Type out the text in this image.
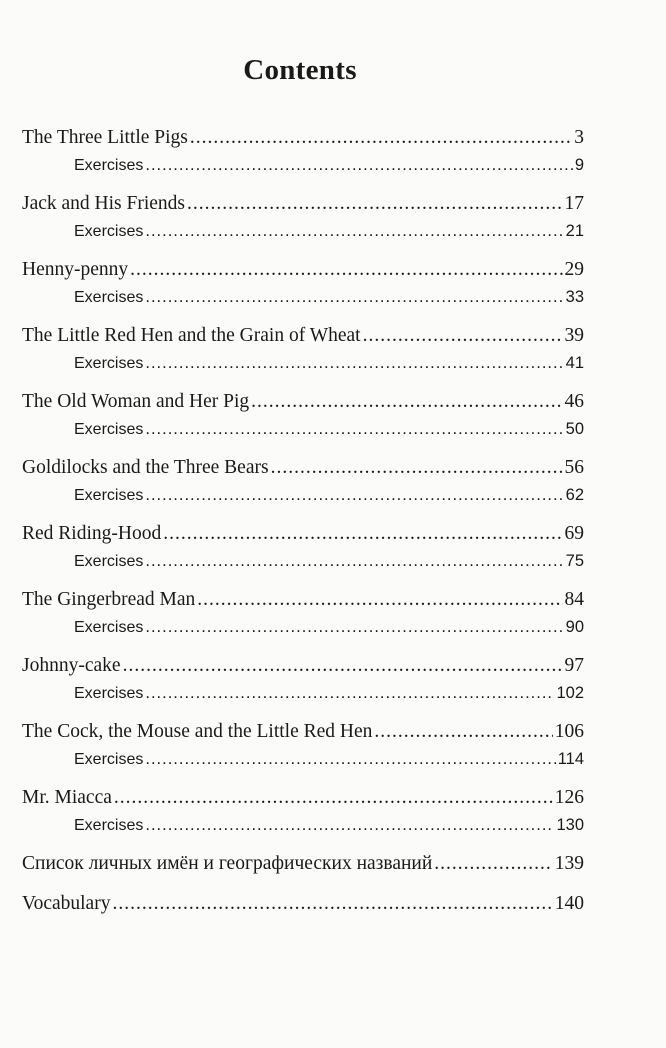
Contents
The Three Little Pigs .....	3
Exercises .....	9
Jack and His Friends .....	17
Exercises .....	21
Henny-penny .....	29
Exercises .....	33
The Little Red Hen and the Grain of Wheat .....	39
Exercises .....	41
The Old Woman and Her Pig .....	46
Exercises .....	50
Goldilocks and the Three Bears .....	56
Exercises .....	62
Red Riding-Hood .....	69
Exercises .....	75
The Gingerbread Man .....	84
Exercises .....	90
Johnny-cake .....	97
Exercises .....	102
The Cock, the Mouse and the Little Red Hen .....	106
Exercises .....	114
Mr. Miacca .....	126
Exercises .....	130
Список личных имён и географических названий .....	139
Vocabulary .....	140
